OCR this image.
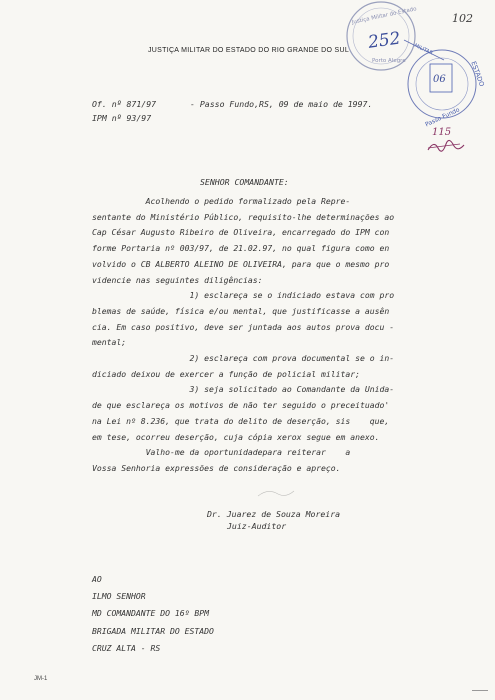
Justiça Militar do Estado
Porto Alegre
252
ESTADO
Passo Fundo
06
MILITAR
102
115
JUSTIÇA MILITAR DO ESTADO DO RIO GRANDE DO SUL
Of. nº 871/97
IPM nº 93/97
- Passo Fundo,RS, 09 de maio de 1997.
SENHOR COMANDANTE:

Acolhendo o pedido formalizado pela Repre-

sentante do Ministério Público, requisito-lhe determinações ao

Cap César Augusto Ribeiro de Oliveira, encarregado do IPM con

forme Portaria nº 003/97, de 21.02.97, no qual figura como en

volvido o CB ALBERTO ALEINO DE OLIVEIRA, para que o mesmo pro

videncie nas seguintes diligências:

1) esclareça se o indiciado estava com pro

blemas de saúde, física e/ou mental, que justificasse a ausên

cia. Em caso positivo, deve ser juntada aos autos prova docu -

mental;

2) esclareça com prova documental se o in-

diciado deixou de exercer a função de policial militar;

3) seja solicitado ao Comandante da Unida-

de que esclareça os motivos de não ter seguido o preceituado'

na Lei nº 8.236, que trata do delito de deserção, sis    que,

em tese, ocorreu deserção, cuja cópia xerox segue em anexo.

Valho-me da oportunidadepara reiterar    a

Vossa Senhoria expressões de consideração e apreço.

Dr. Juarez de Souza Moreira
Juiz-Auditor
AO
ILMO SENHOR
MD COMANDANTE DO 16º BPM
BRIGADA MILITAR DO ESTADO
CRUZ ALTA - RS
JM-1
